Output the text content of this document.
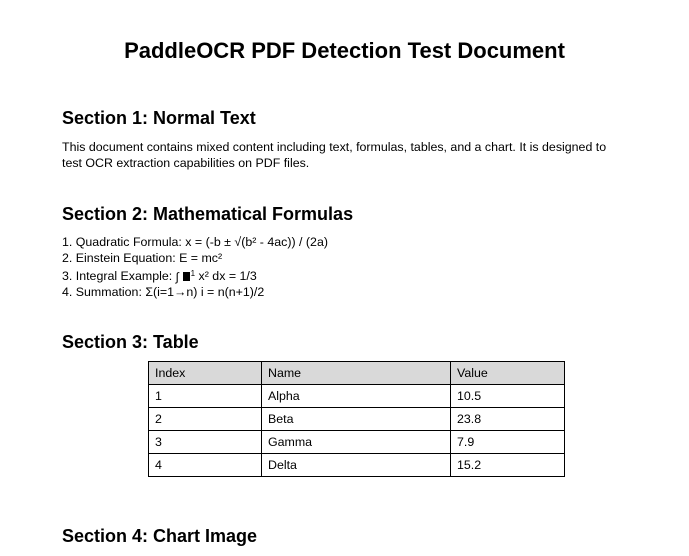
PaddleOCR PDF Detection Test Document
Section 1: Normal Text

This document contains mixed content including text, formulas, tables, and a chart. It is designed to
test OCR extraction capabilities on PDF files.

Section 2: Mathematical Formulas
1. Quadratic Formula: x = (-b ± √(b² - 4ac)) / (2a)
2. Einstein Equation: E = mc²
3. Integral Example: ∫ $^1$ x² dx = 1/3
4. Summation: Σ(i=1→n) i = n(n+1)/2
Section 3: Table
Index	Name	Value
1	Alpha	10.5
2	Beta	23.8
3	Gamma	7.9
4	Delta	15.2
Section 4: Chart Image
